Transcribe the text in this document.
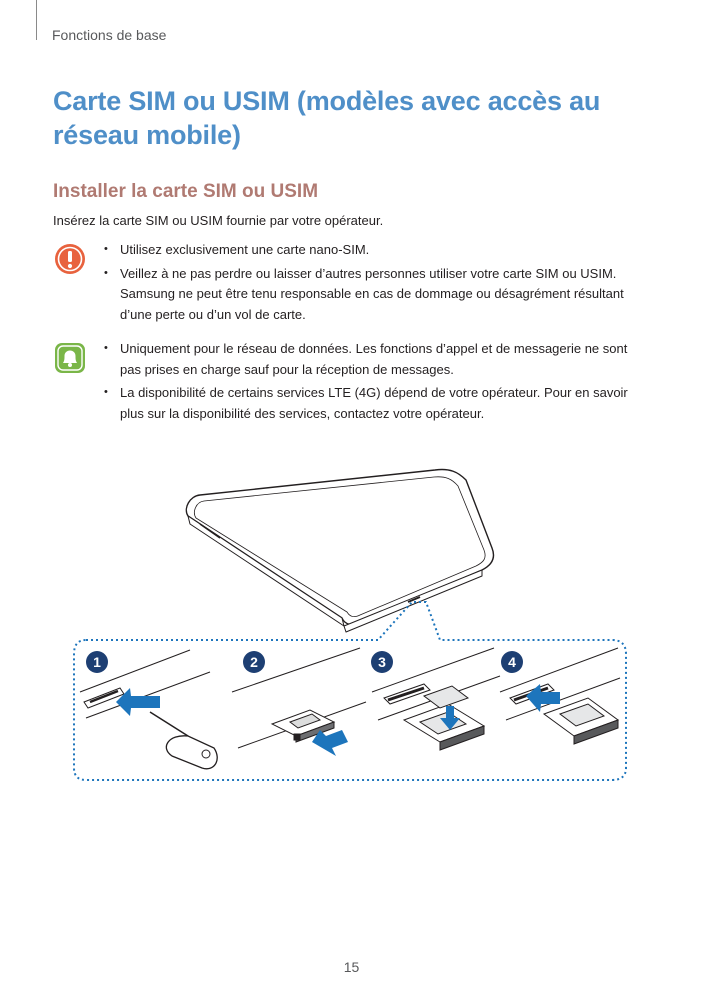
Fonctions de base
Carte SIM ou USIM (modèles avec accès au réseau mobile)
Installer la carte SIM ou USIM
Insérez la carte SIM ou USIM fournie par votre opérateur.
• Utilisez exclusivement une carte nano-SIM.
• Veillez à ne pas perdre ou laisser d’autres personnes utiliser votre carte SIM ou USIM. Samsung ne peut être tenu responsable en cas de dommage ou désagrément résultant d’une perte ou d’un vol de carte.
• Uniquement pour le réseau de données. Les fonctions d’appel et de messagerie ne sont pas prises en charge sauf pour la réception de messages.
• La disponibilité de certains services LTE (4G) dépend de votre opérateur. Pour en savoir plus sur la disponibilité des services, contactez votre opérateur.
1	2	3	4
15
